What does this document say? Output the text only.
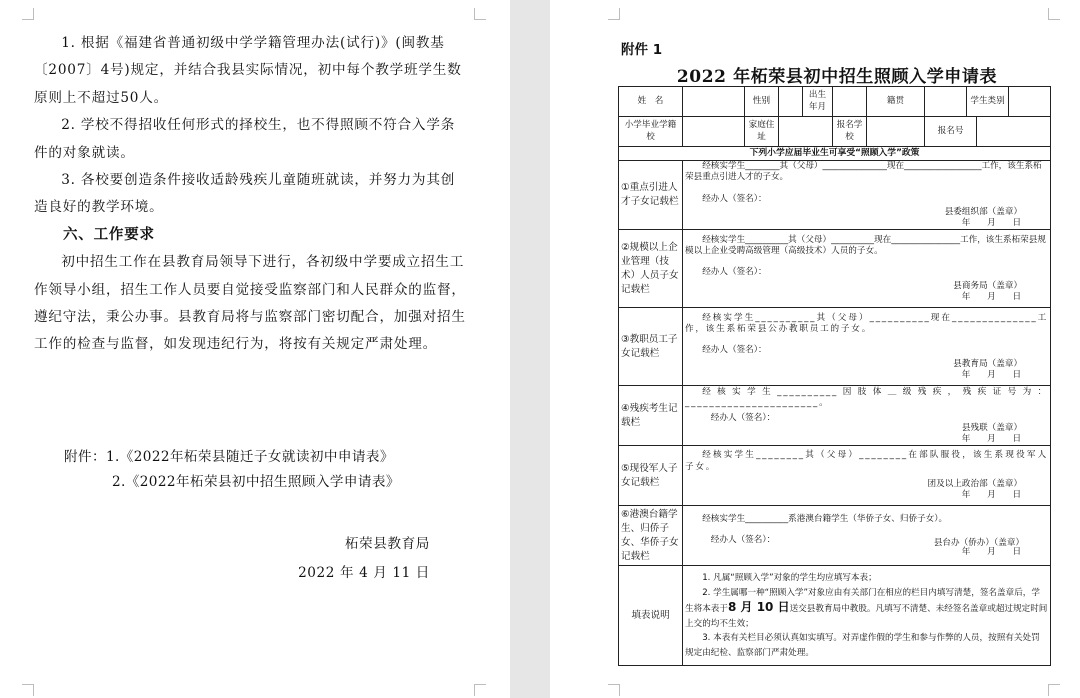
1. 根据《福建省普通初级中学学籍管理办法(试行)》(闽教基〔2007〕4号)规定，并结合我县实际情况，初中每个教学班学生数原则上不超过50人。

2. 学校不得招收任何形式的择校生，也不得照顾不符合入学条件的对象就读。

3. 各校要创造条件接收适龄残疾儿童随班就读，并努力为其创造良好的教学环境。

六、工作要求

初中招生工作在县教育局领导下进行，各初级中学要成立招生工作领导小组，招生工作人员要自觉接受监察部门和人民群众的监督，遵纪守法，秉公办事。县教育局将与监察部门密切配合，加强对招生工作的检查与监督，如发现违纪行为，将按有关规定严肃处理。

附件：1.《2022年柘荣县随迁子女就读初中申请表》
2.《2022年柘荣县初中招生照顾入学申请表》
柘荣县教育局
2022 年 4 月 11 日
附件 1
2022 年柘荣县初中招生照顾入学申请表
姓　名		性别		出生年月		籍贯		学生类别		
小学毕业学籍校		家庭住址			报名学校		报名号			
下列小学应届毕业生可享受“照顾入学”政策										
①重点引进人才子女记载栏	经核实学生________其（父母）_______________现在__________________工作，该生系柘荣县重点引进人才的子女。
经办人（签名）：
县委组织部（盖章）
年 月 日									

②规模以上企业管理（技术）人员子女记载栏	经核实学生__________其（父母）__________现在________________工作，该生系柘荣县规模以上企业受聘高级管理（高级技术）人员的子女。
经办人（签名）：
县商务局（盖章）
年 月 日									

③教职员工子女记载栏	经核实学生__________其（父母）__________现在______________工作，该生系柘荣县公办教职员工的子女。
经办人（签名）：
县教育局（盖章）
年 月 日									

④残疾考生记载栏	经核实学生__________因肢体＿级残疾，残疾证号为：______________________。
经办人（签名）：
县残联（盖章）
年 月 日									

⑤现役军人子女记载栏	经核实学生________其（父母）________在部队服役，该生系现役军人子女。
团及以上政治部（盖章）
年 月 日									

⑥港澳台籍学生、归侨子女、华侨子女记载栏	经核实学生__________系港澳台籍学生（华侨子女、归侨子女）。
经办人（签名）：
年 月 日
县台办（侨办）（盖章）									

填表说明	1. 凡属“照顾入学”对象的学生均应填写本表；
2. 学生属哪一种“照顾入学”对象应由有关部门在相应的栏目内填写清楚，签名盖章后，学生将本表于8 月 10 日送交县教育局中教股。凡填写不清楚、未经签名盖章或超过规定时间上交的均不生效；
3. 本表有关栏目必须认真如实填写。对弄虚作假的学生和参与作弊的人员，按照有关处罚规定由纪检、监察部门严肃处理。									
